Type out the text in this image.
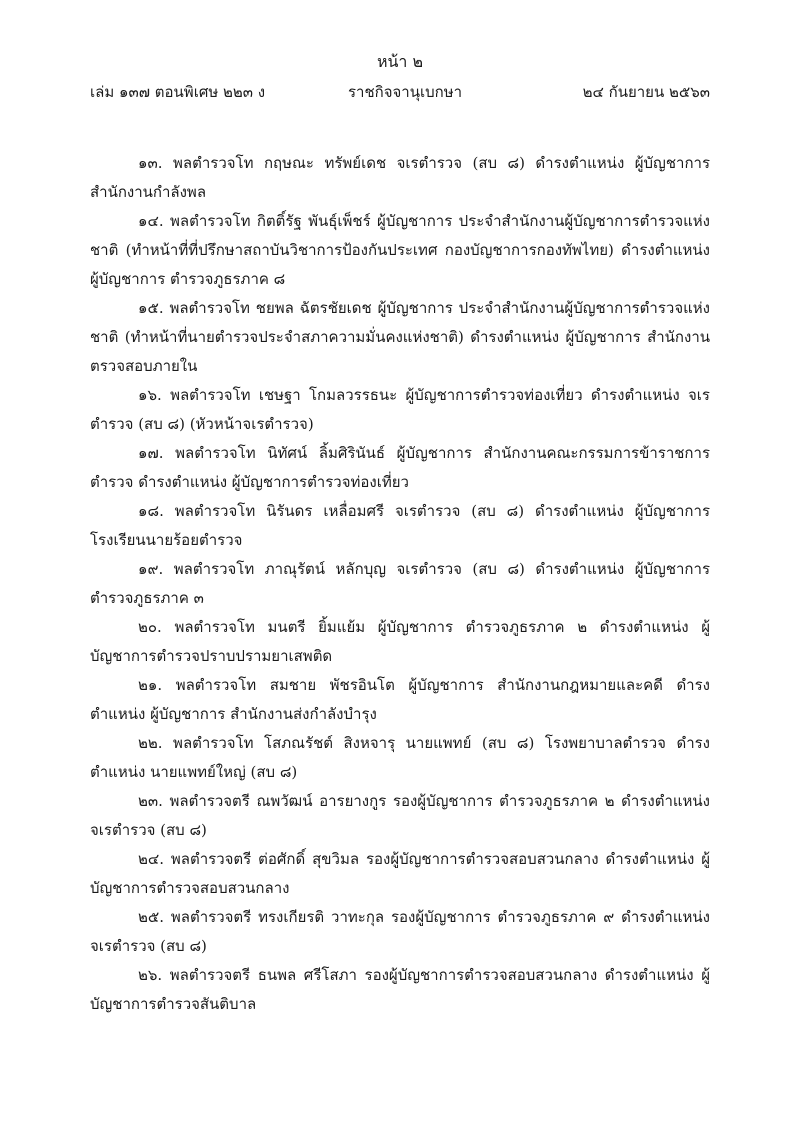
หน้า ๒
เล่ม ๑๓๗ ตอนพิเศษ ๒๒๓ ง	ราชกิจจานุเบกษา	๒๔ กันยายน ๒๕๖๓

๑๓. พลตำรวจโท กฤษณะ ทรัพย์เดช จเรตำรวจ (สบ ๘) ดำรงตำแหน่ง ผู้บัญชาการ สำนักงานกำลังพล

๑๔. พลตำรวจโท กิตติ์รัฐ พันธุ์เพ็ชร์ ผู้บัญชาการ ประจำสำนักงานผู้บัญชาการตำรวจแห่งชาติ (ทำหน้าที่ที่ปรึกษาสถาบันวิชาการป้องกันประเทศ กองบัญชาการกองทัพไทย) ดำรงตำแหน่ง ผู้บัญชาการ ตำรวจภูธรภาค ๘

๑๕. พลตำรวจโท ชยพล ฉัตรชัยเดช ผู้บัญชาการ ประจำสำนักงานผู้บัญชาการตำรวจแห่งชาติ (ทำหน้าที่นายตำรวจประจำสภาความมั่นคงแห่งชาติ) ดำรงตำแหน่ง ผู้บัญชาการ สำนักงานตรวจสอบภายใน

๑๖. พลตำรวจโท เชษฐา โกมลวรรธนะ ผู้บัญชาการตำรวจท่องเที่ยว ดำรงตำแหน่ง จเรตำรวจ (สบ ๘) (หัวหน้าจเรตำรวจ)

๑๗. พลตำรวจโท นิทัศน์ ลิ้มศิรินันธ์ ผู้บัญชาการ สำนักงานคณะกรรมการข้าราชการตำรวจ ดำรงตำแหน่ง ผู้บัญชาการตำรวจท่องเที่ยว

๑๘. พลตำรวจโท นิรันดร เหลื่อมศรี จเรตำรวจ (สบ ๘) ดำรงตำแหน่ง ผู้บัญชาการ โรงเรียนนายร้อยตำรวจ

๑๙. พลตำรวจโท ภาณุรัตน์ หลักบุญ จเรตำรวจ (สบ ๘) ดำรงตำแหน่ง ผู้บัญชาการ ตำรวจภูธรภาค ๓

๒๐. พลตำรวจโท มนตรี ยิ้มแย้ม ผู้บัญชาการ ตำรวจภูธรภาค ๒ ดำรงตำแหน่ง ผู้บัญชาการตำรวจปราบปรามยาเสพติด

๒๑. พลตำรวจโท สมชาย พัชรอินโต ผู้บัญชาการ สำนักงานกฎหมายและคดี ดำรงตำแหน่ง ผู้บัญชาการ สำนักงานส่งกำลังบำรุง

๒๒. พลตำรวจโท โสภณรัชต์ สิงหจารุ นายแพทย์ (สบ ๘) โรงพยาบาลตำรวจ ดำรงตำแหน่ง นายแพทย์ใหญ่ (สบ ๘)

๒๓. พลตำรวจตรี ณพวัฒน์ อารยางกูร รองผู้บัญชาการ ตำรวจภูธรภาค ๒ ดำรงตำแหน่ง จเรตำรวจ (สบ ๘)

๒๔. พลตำรวจตรี ต่อศักดิ์ สุขวิมล รองผู้บัญชาการตำรวจสอบสวนกลาง ดำรงตำแหน่ง ผู้บัญชาการตำรวจสอบสวนกลาง

๒๕. พลตำรวจตรี ทรงเกียรติ วาทะกุล รองผู้บัญชาการ ตำรวจภูธรภาค ๙ ดำรงตำแหน่ง จเรตำรวจ (สบ ๘)

๒๖. พลตำรวจตรี ธนพล ศรีโสภา รองผู้บัญชาการตำรวจสอบสวนกลาง ดำรงตำแหน่ง ผู้บัญชาการตำรวจสันติบาล
